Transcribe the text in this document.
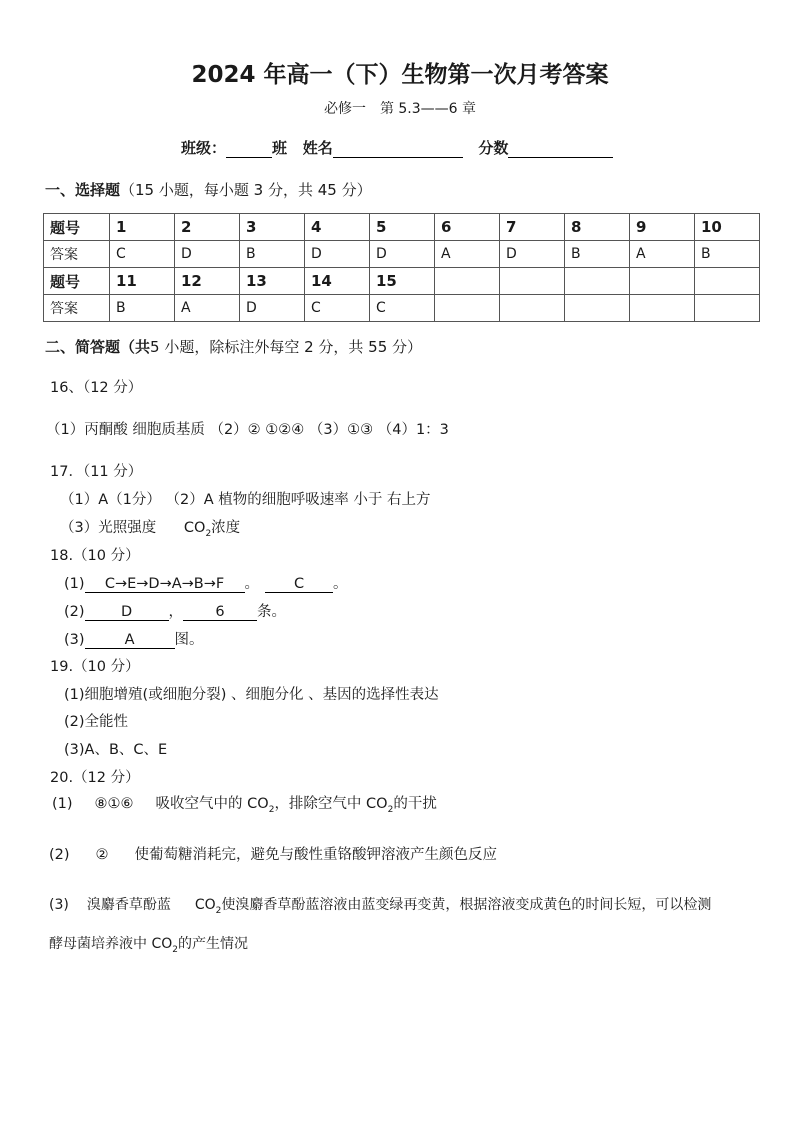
2024 年高一（下）生物第一次月考答案
必修一　第 5.3——6 章
班级：	班 姓名	分数
一、选择题（15 小题，每小题 3 分，共 45 分）
题号	1	2	3	4	5	6	7	8	9	10
答案	C	D	B	D	D	A	D	B	A	B
题号	11	12	13	14	15					
答案	B	A	D	C	C					
二、简答题（共5 小题，除标注外每空 2 分，共 55 分）
16、（12 分）
（1）丙酮酸 细胞质基质 （2）② ①②④ （3）①③ （4）1：3
17．（11 分）
（1）A（1分） （2）A 植物的细胞呼吸速率 小于 右上方
（3）光照强度 $CO_2$浓度
18.（10 分）
(1) C→E→D→A→B→F 。 C 。
(2)	D	， 6 条。
(3)	A	图。
19.（10 分）
(1)细胞增殖(或细胞分裂) 、细胞分化 、基因的选择性表达
(2)全能性
(3)A、B、C、E
20.（12 分）
(1) ⑧①⑥ 吸收空气中的 $CO_2$，排除空气中 $CO_2$的干扰
(2) ② 使葡萄糖消耗完，避免与酸性重铬酸钾溶液产生颜色反应
(3) 溴麝香草酚蓝 $CO_2$使溴麝香草酚蓝溶液由蓝变绿再变黄，根据溶液变成黄色的时间长短，可以检测
酵母菌培养液中 $CO_2$的产生情况
